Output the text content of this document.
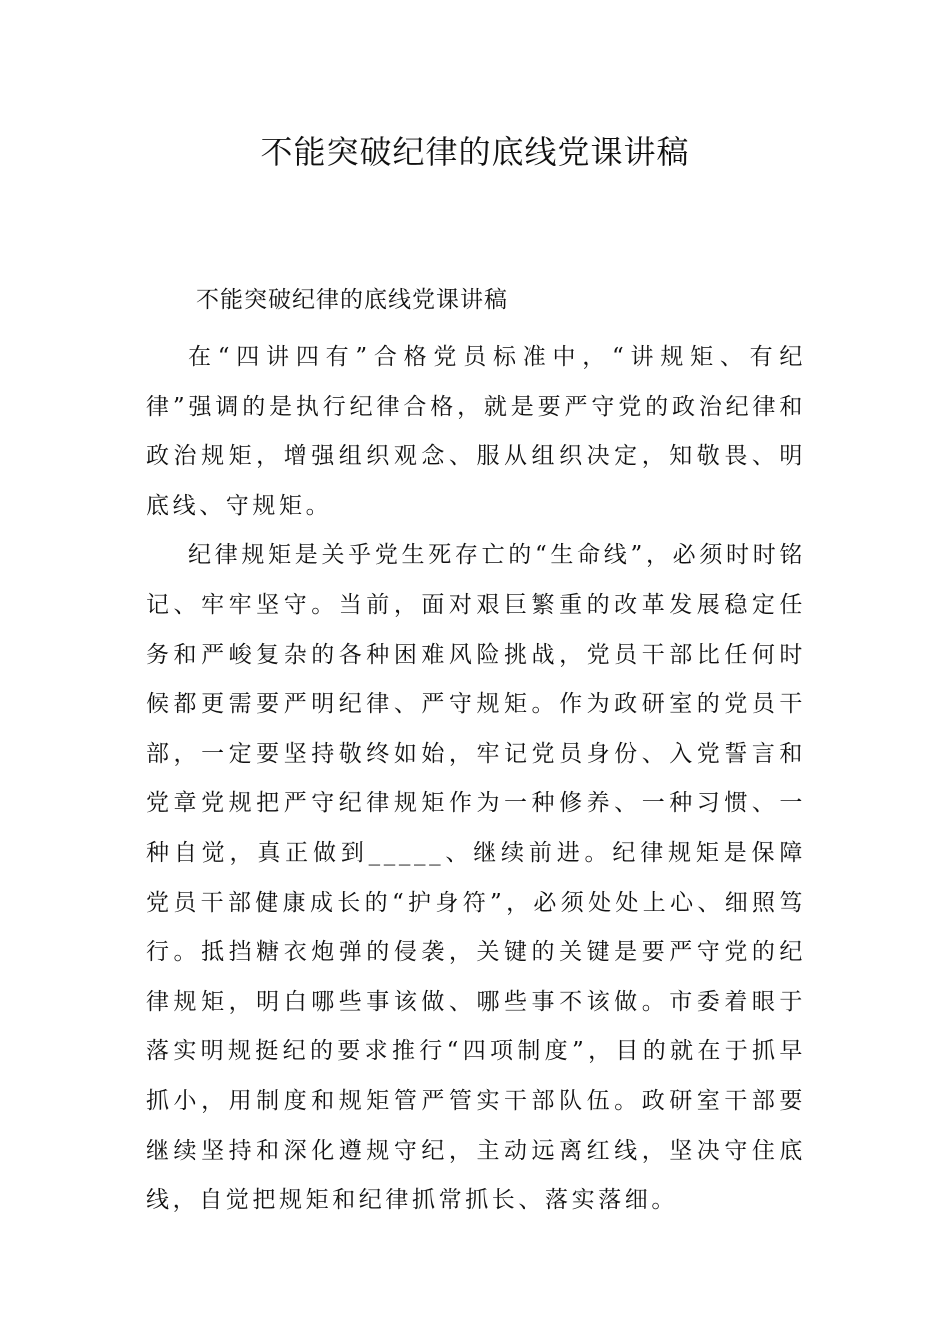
不能突破纪律的底线党课讲稿

不能突破纪律的底线党课讲稿

在“四讲四有”合格党员标准中，“讲规矩、有纪律”强调的是执行纪律合格，就是要严守党的政治纪律和政治规矩，增强组织观念、服从组织决定，知敬畏、明底线、守规矩。

纪律规矩是关乎党生死存亡的“生命线”，必须时时铭记、牢牢坚守。当前，面对艰巨繁重的改革发展稳定任务和严峻复杂的各种困难风险挑战，党员干部比任何时候都更需要严明纪律、严守规矩。作为政研室的党员干部，一定要坚持敬终如始，牢记党员身份、入党誓言和党章党规把严守纪律规矩作为一种修养、一种习惯、一种自觉，真正做到_____、继续前进。纪律规矩是保障党员干部健康成长的“护身符”，必须处处上心、细照笃行。抵挡糖衣炮弹的侵袭，关键的关键是要严守党的纪律规矩，明白哪些事该做、哪些事不该做。市委着眼于落实明规挺纪的要求推行“四项制度”，目的就在于抓早抓小，用制度和规矩管严管实干部队伍。政研室干部要继续坚持和深化遵规守纪，主动远离红线，坚决守住底线，自觉把规矩和纪律抓常抓长、落实落细。
